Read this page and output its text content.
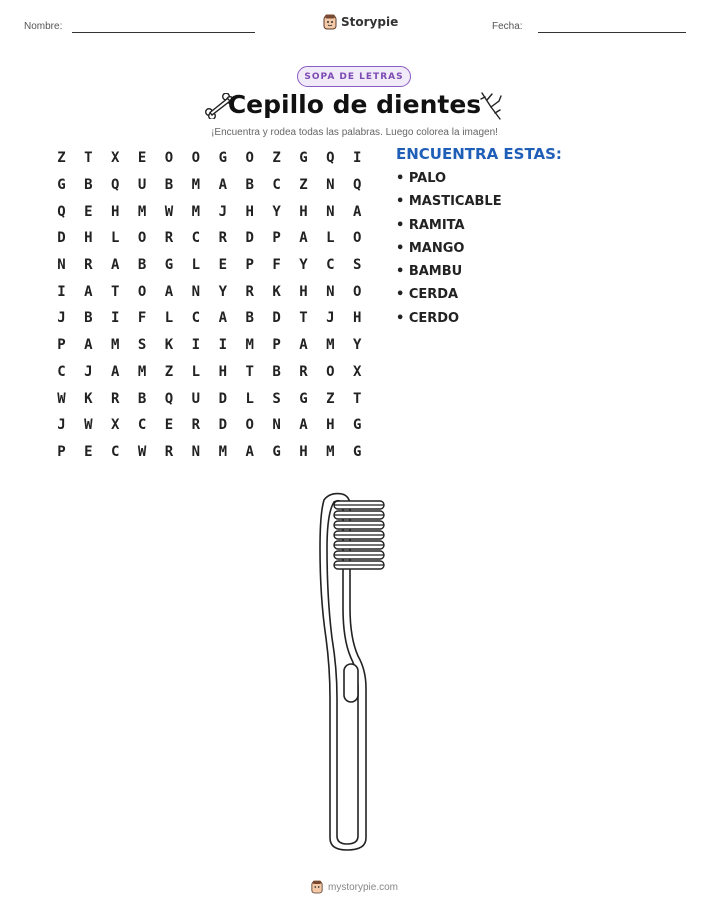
Nombre:	Storypie	Fecha:
SOPA DE LETRAS
Cepillo de dientes
¡Encuentra y rodea todas las palabras. Luego colorea la imagen!
Z	T	X	E	O	O	G	O	Z	G	Q	I
G	B	Q	U	B	M	A	B	C	Z	N	Q
Q	E	H	M	W	M	J	H	Y	H	N	A
D	H	L	O	R	C	R	D	P	A	L	O
N	R	A	B	G	L	E	P	F	Y	C	S
I	A	T	O	A	N	Y	R	K	H	N	O
J	B	I	F	L	C	A	B	D	T	J	H
P	A	M	S	K	I	I	M	P	A	M	Y
C	J	A	M	Z	L	H	T	B	R	O	X
W	K	R	B	Q	U	D	L	S	G	Z	T
J	W	X	C	E	R	D	O	N	A	H	G
P	E	C	W	R	N	M	A	G	H	M	G
ENCUENTRA ESTAS:
• PALO
• MASTICABLE
• RAMITA
• MANGO
• BAMBU
• CERDA
• CERDO
mystorypie.com
